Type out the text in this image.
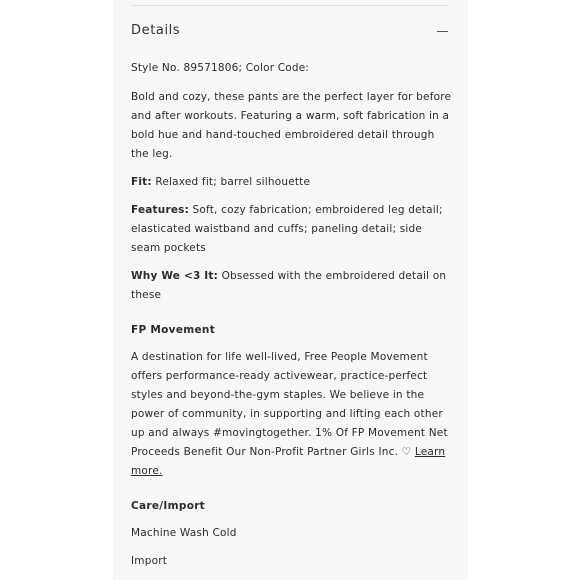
Details
Style No. 89571806; Color Code:
Bold and cozy, these pants are the perfect layer for before
and after workouts. Featuring a warm, soft fabrication in a
bold hue and hand-touched embroidered detail through
the leg.
Fit: Relaxed fit; barrel silhouette
Features: Soft, cozy fabrication; embroidered leg detail;
elasticated waistband and cuffs; paneling detail; side
seam pockets
Why We <3 It: Obsessed with the embroidered detail on
these
FP Movement
A destination for life well-lived, Free People Movement
offers performance-ready activewear, practice-perfect
styles and beyond-the-gym staples. We believe in the
power of community, in supporting and lifting each other
up and always #movingtogether. 1% Of FP Movement Net
Proceeds Benefit Our Non-Profit Partner Girls Inc. ♡ Learn
more.
Care/Import
Machine Wash Cold
Import
